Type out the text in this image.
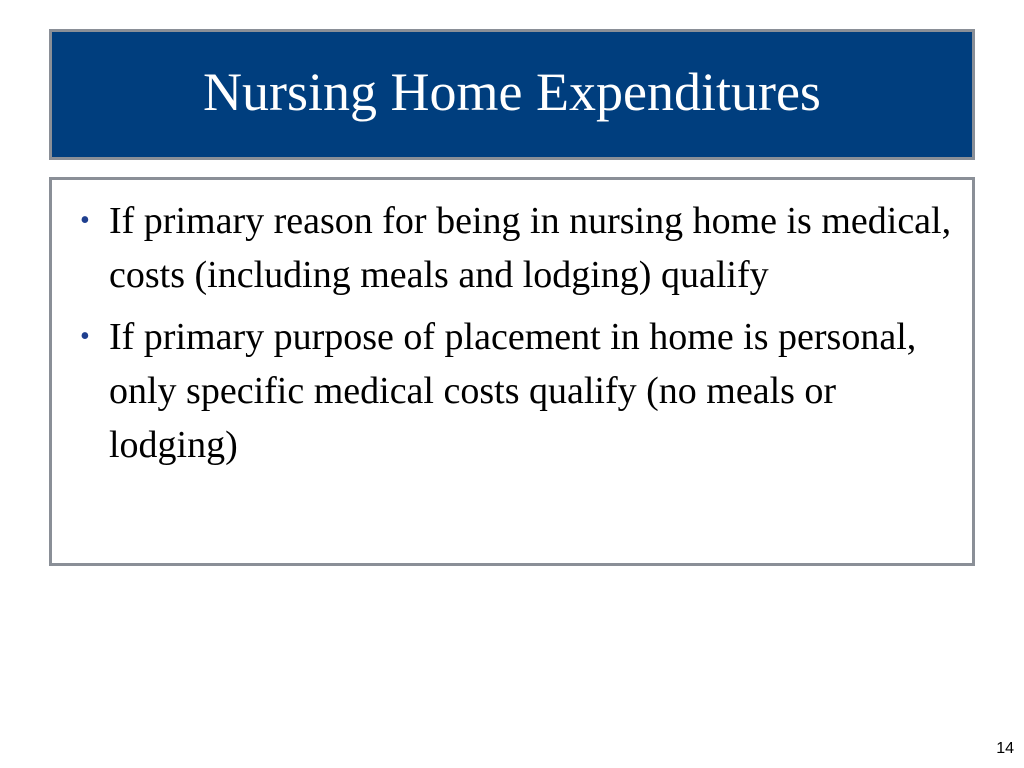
Nursing Home Expenditures
• If primary reason for being in nursing home is medical, costs (including meals and lodging) qualify
• If primary purpose of placement in home is personal, only specific medical costs qualify (no meals or lodging)
14
